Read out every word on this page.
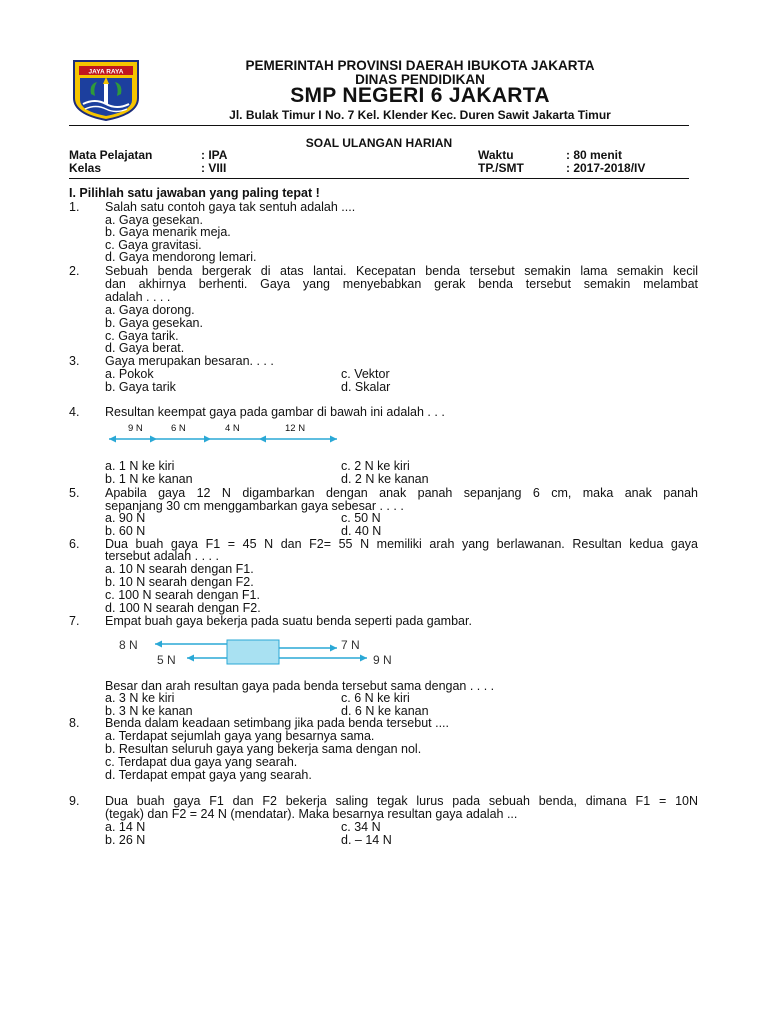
JAYA RAYA	PEMERINTAH PROVINSI DAERAH IBUKOTA JAKARTA
DINAS PENDIDIKAN
SMP NEGERI 6 JAKARTA
Jl. Bulak Timur I No. 7 Kel. Klender Kec. Duren Sawit Jakarta Timur
SOAL ULANGAN HARIAN
Mata Pelajatan	: IPA	Waktu	: 80 menit
Kelas	: VIII	TP./SMT	: 2017-2018/IV
I. Pilihlah satu jawaban yang paling tepat !
1. Salah satu contoh gaya tak sentuh adalah ....
a. Gaya gesekan.
b. Gaya menarik meja.
c. Gaya gravitasi.
d. Gaya mendorong lemari.
2. Sebuah benda bergerak di atas lantai. Kecepatan benda tersebut semakin lama semakin kecil
dan akhirnya berhenti. Gaya yang menyebabkan gerak benda tersebut semakin melambat
adalah . . . .
a. Gaya dorong.
b. Gaya gesekan.
c. Gaya tarik.
d. Gaya berat.
3. Gaya merupakan besaran. . . .
a. Pokok	c. Vektor
b. Gaya tarik	d. Skalar
4. Resultan keempat gaya pada gambar di bawah ini adalah . . .
9 N	6 N	4 N	12 N
a. 1 N ke kiri	c. 2 N ke kiri
b. 1 N ke kanan	d. 2 N ke kanan
5. Apabila gaya 12 N digambarkan dengan anak panah sepanjang 6 cm, maka anak panah
sepanjang 30 cm menggambarkan gaya sebesar . . . .
a. 90 N	c. 50 N
b. 60 N	d. 40 N
6. Dua buah gaya F1 = 45 N dan F2= 55 N memiliki arah yang berlawanan. Resultan kedua gaya
tersebut adalah . . . .
a. 10 N searah dengan F1.
b. 10 N searah dengan F2.
c. 100 N searah dengan F1.
d. 100 N searah dengan F2.
7. Empat buah gaya bekerja pada suatu benda seperti pada gambar.
8 N
5 N
7 N
9 N
Besar dan arah resultan gaya pada benda tersebut sama dengan . . . .
a. 3 N ke kiri	c. 6 N ke kiri
b. 3 N ke kanan	d. 6 N ke kanan
8. Benda dalam keadaan setimbang jika pada benda tersebut ....
a. Terdapat sejumlah gaya yang besarnya sama.
b. Resultan seluruh gaya yang bekerja sama dengan nol.
c. Terdapat dua gaya yang searah.
d. Terdapat empat gaya yang searah.
9. Dua buah gaya F1 dan F2 bekerja saling tegak lurus pada sebuah benda, dimana F1 = 10N
(tegak) dan F2 = 24 N (mendatar). Maka besarnya resultan gaya adalah ...
a. 14 N	c. 34 N
b. 26 N	d. – 14 N
